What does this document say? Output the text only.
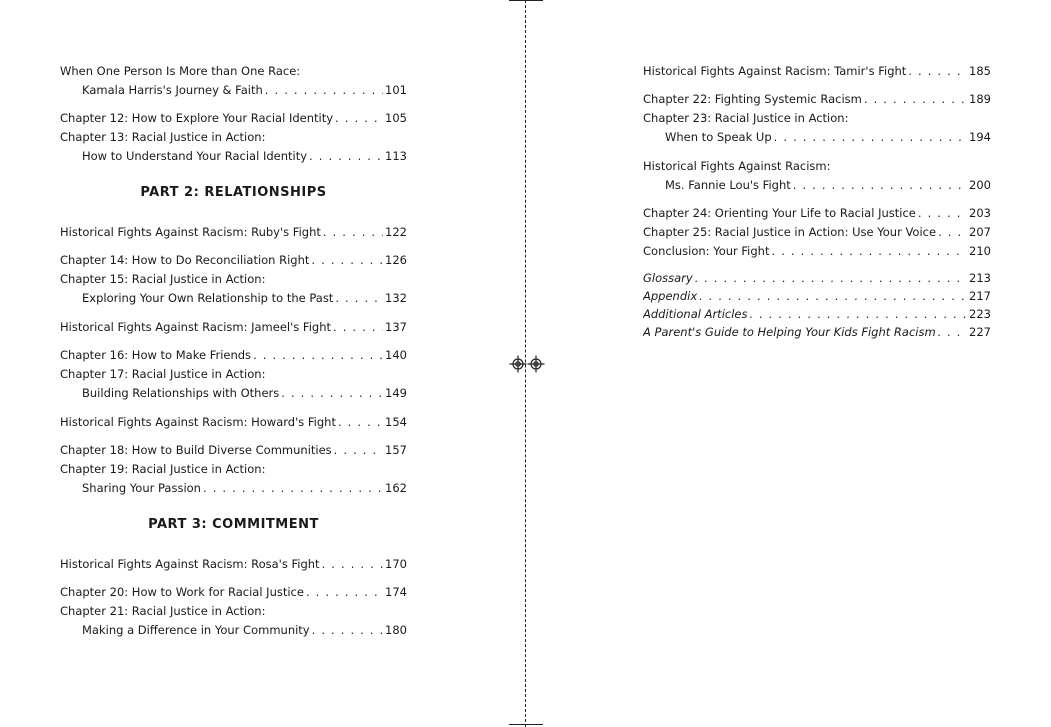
When One Person Is More than One Race:
Kamala Harris's Journey & Faith . . .	101
Chapter 12: How to Explore Your Racial Identity . . .	105
Chapter 13: Racial Justice in Action:
How to Understand Your Racial Identity . . .	113
PART 2: RELATIONSHIPS
Historical Fights Against Racism: Ruby's Fight . . .	122
Chapter 14: How to Do Reconciliation Right . . .	126
Chapter 15: Racial Justice in Action:
Exploring Your Own Relationship to the Past . . .	132
Historical Fights Against Racism: Jameel's Fight . . .	137
Chapter 16: How to Make Friends . . .	140
Chapter 17: Racial Justice in Action:
Building Relationships with Others . . .	149
Historical Fights Against Racism: Howard's Fight . . .	154
Chapter 18: How to Build Diverse Communities . . .	157
Chapter 19: Racial Justice in Action:
Sharing Your Passion . . .	162
PART 3: COMMITMENT
Historical Fights Against Racism: Rosa's Fight . . .	170
Chapter 20: How to Work for Racial Justice . . .	174
Chapter 21: Racial Justice in Action:
Making a Difference in Your Community . . .	180
Historical Fights Against Racism: Tamir's Fight . . .	185
Chapter 22: Fighting Systemic Racism . . .	189
Chapter 23: Racial Justice in Action:
When to Speak Up . . .	194
Historical Fights Against Racism:
Ms. Fannie Lou's Fight . . .	200
Chapter 24: Orienting Your Life to Racial Justice . . .	203
Chapter 25: Racial Justice in Action: Use Your Voice . . .	207
Conclusion: Your Fight . . .	210
Glossary . . .	213
Appendix . . .	217
Additional Articles . . .	223
A Parent's Guide to Helping Your Kids Fight Racism . . .	227
